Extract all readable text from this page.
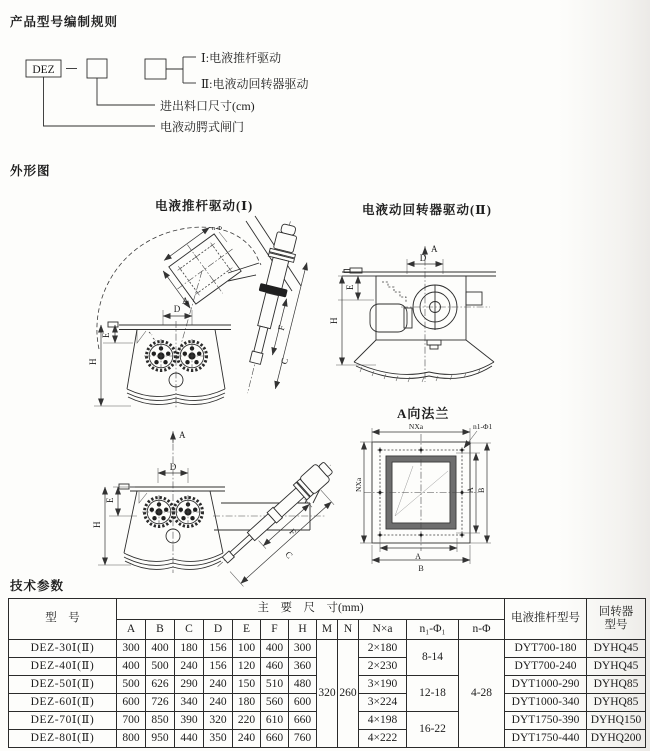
产品型号编制规则
DEZ
Ⅰ:电液推杆驱动
Ⅱ:电液动回转器驱动
进出料口尺寸(cm)
电液动腭式闸门
外形图
电液推杆驱动(Ⅰ)	电液动回转器驱动(Ⅱ)
n-Φ
A
D
E
H
F
C
A
D
E
H
A向法兰
NXa	n1-Φ1
NXa	A B
A
B
A
D
E
H
F
C
技术参数
型　号	主　要　尺　寸(mm)												电液推杆型号	回转器
型号
	A	B	C	D	E	F	H	M	N	N×a	n₁-Φ₁	n-Φ		
DEZ-30Ⅰ(Ⅱ)	300	400	180	156	100	400	300	320	260	2×180	8-14	4-28	DYT700-180	DYHQ45
DEZ-40Ⅰ(Ⅱ)	400	500	240	156	120	460	360			2×230			DYT700-240	DYHQ45
DEZ-50Ⅰ(Ⅱ)	500	626	290	240	150	510	480			3×190	12-18		DYT1000-290	DYHQ85
DEZ-60Ⅰ(Ⅱ)	600	726	340	240	180	560	600			3×224			DYT1000-340	DYHQ85
DEZ-70Ⅰ(Ⅱ)	700	850	390	320	220	610	660			4×198	16-22		DYT1750-390	DYHQ150
DEZ-80Ⅰ(Ⅱ)	800	950	440	350	240	660	760			4×222			DYT1750-440	DYHQ200
